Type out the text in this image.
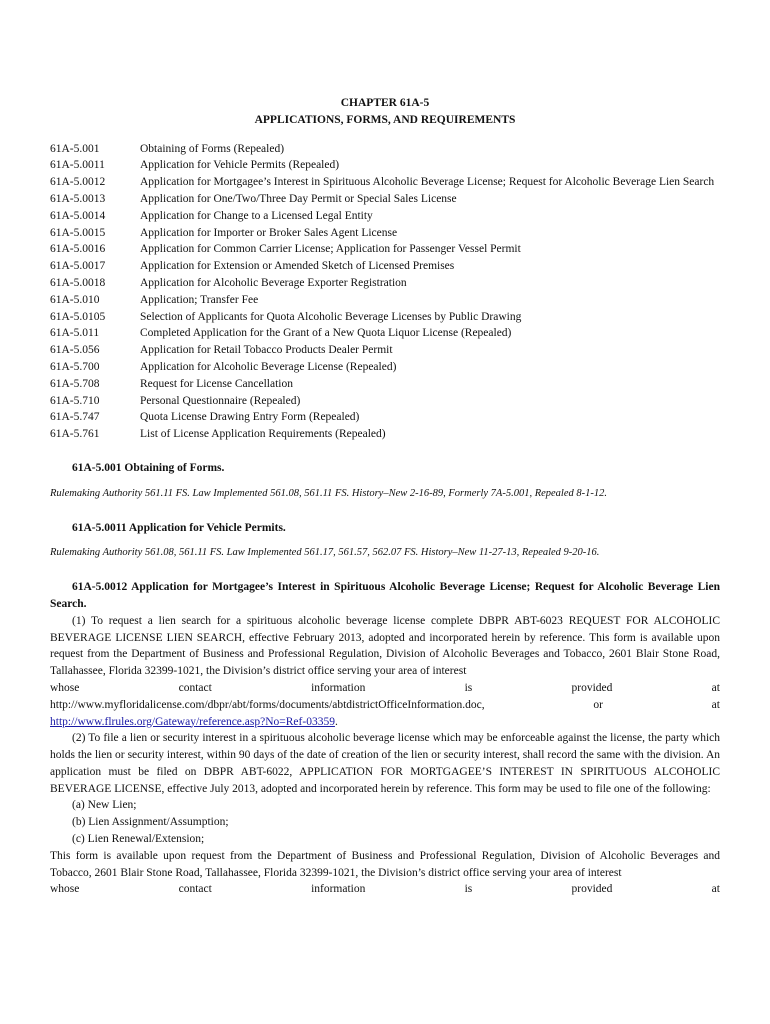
CHAPTER 61A-5

APPLICATIONS, FORMS, AND REQUIREMENTS

61A-5.001	Obtaining of Forms (Repealed)
61A-5.0011	Application for Vehicle Permits (Repealed)
61A-5.0012	Application for Mortgagee’s Interest in Spirituous Alcoholic Beverage License; Request for Alcoholic Beverage Lien Search
61A-5.0013	Application for One/Two/Three Day Permit or Special Sales License
61A-5.0014	Application for Change to a Licensed Legal Entity
61A-5.0015	Application for Importer or Broker Sales Agent License
61A-5.0016	Application for Common Carrier License; Application for Passenger Vessel Permit
61A-5.0017	Application for Extension or Amended Sketch of Licensed Premises
61A-5.0018	Application for Alcoholic Beverage Exporter Registration
61A-5.010	Application; Transfer Fee
61A-5.0105	Selection of Applicants for Quota Alcoholic Beverage Licenses by Public Drawing
61A-5.011	Completed Application for the Grant of a New Quota Liquor License (Repealed)
61A-5.056	Application for Retail Tobacco Products Dealer Permit
61A-5.700	Application for Alcoholic Beverage License (Repealed)
61A-5.708	Request for License Cancellation
61A-5.710	Personal Questionnaire (Repealed)
61A-5.747	Quota License Drawing Entry Form (Repealed)
61A-5.761	List of License Application Requirements (Repealed)
61A-5.001 Obtaining of Forms.
Rulemaking Authority 561.11 FS. Law Implemented 561.08, 561.11 FS. History–New 2-16-89, Formerly 7A-5.001, Repealed 8-1-12.
61A-5.0011 Application for Vehicle Permits.
Rulemaking Authority 561.08, 561.11 FS. Law Implemented 561.17, 561.57, 562.07 FS. History–New 11-27-13, Repealed 9-20-16.
61A-5.0012 Application for Mortgagee’s Interest in Spirituous Alcoholic Beverage License; Request for Alcoholic Beverage Lien Search.

(1) To request a lien search for a spirituous alcoholic beverage license complete DBPR ABT-6023 REQUEST FOR ALCOHOLIC BEVERAGE LICENSE LIEN SEARCH, effective February 2013, adopted and incorporated herein by reference. This form is available upon request from the Department of Business and Professional Regulation, Division of Alcoholic Beverages and Tobacco, 2601 Blair Stone Road, Tallahassee, Florida 32399-1021, the Division’s district office serving your area of interest

whose	contact	information	is	provided	at
http://www.myfloridalicense.com/dbpr/abt/forms/documents/abtdistrictOfficeInformation.doc,	or	at
http://www.flrules.org/Gateway/reference.asp?No=Ref-03359.

(2) To file a lien or security interest in a spirituous alcoholic beverage license which may be enforceable against the license, the party which holds the lien or security interest, within 90 days of the date of creation of the lien or security interest, shall record the same with the division. An application must be filed on DBPR ABT-6022, APPLICATION FOR MORTGAGEE’S INTEREST IN SPIRITUOUS ALCOHOLIC BEVERAGE LICENSE, effective July 2013, adopted and incorporated herein by reference. This form may be used to file one of the following:

(a) New Lien;
(b) Lien Assignment/Assumption;
(c) Lien Renewal/Extension;

This form is available upon request from the Department of Business and Professional Regulation, Division of Alcoholic Beverages and Tobacco, 2601 Blair Stone Road, Tallahassee, Florida 32399-1021, the Division’s district office serving your area of interest

whose	contact	information	is	provided	at
